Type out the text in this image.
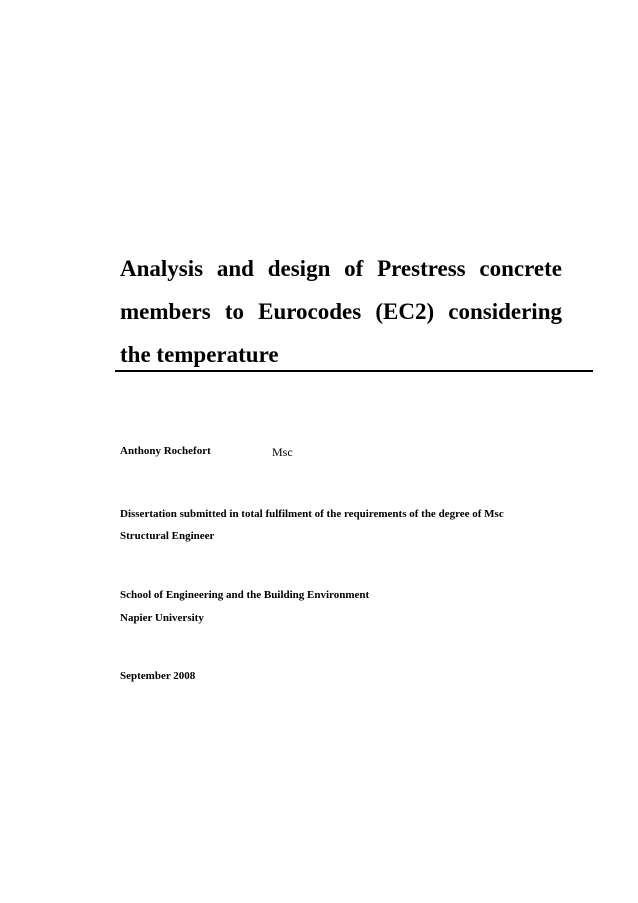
Analysis and design of Prestress concrete
members to Eurocodes (EC2) considering
the temperature
Anthony Rochefort	Msc
Dissertation submitted in total fulfilment of the requirements of the degree of Msc
Structural Engineer
School of Engineering and the Building Environment
Napier University
September 2008
